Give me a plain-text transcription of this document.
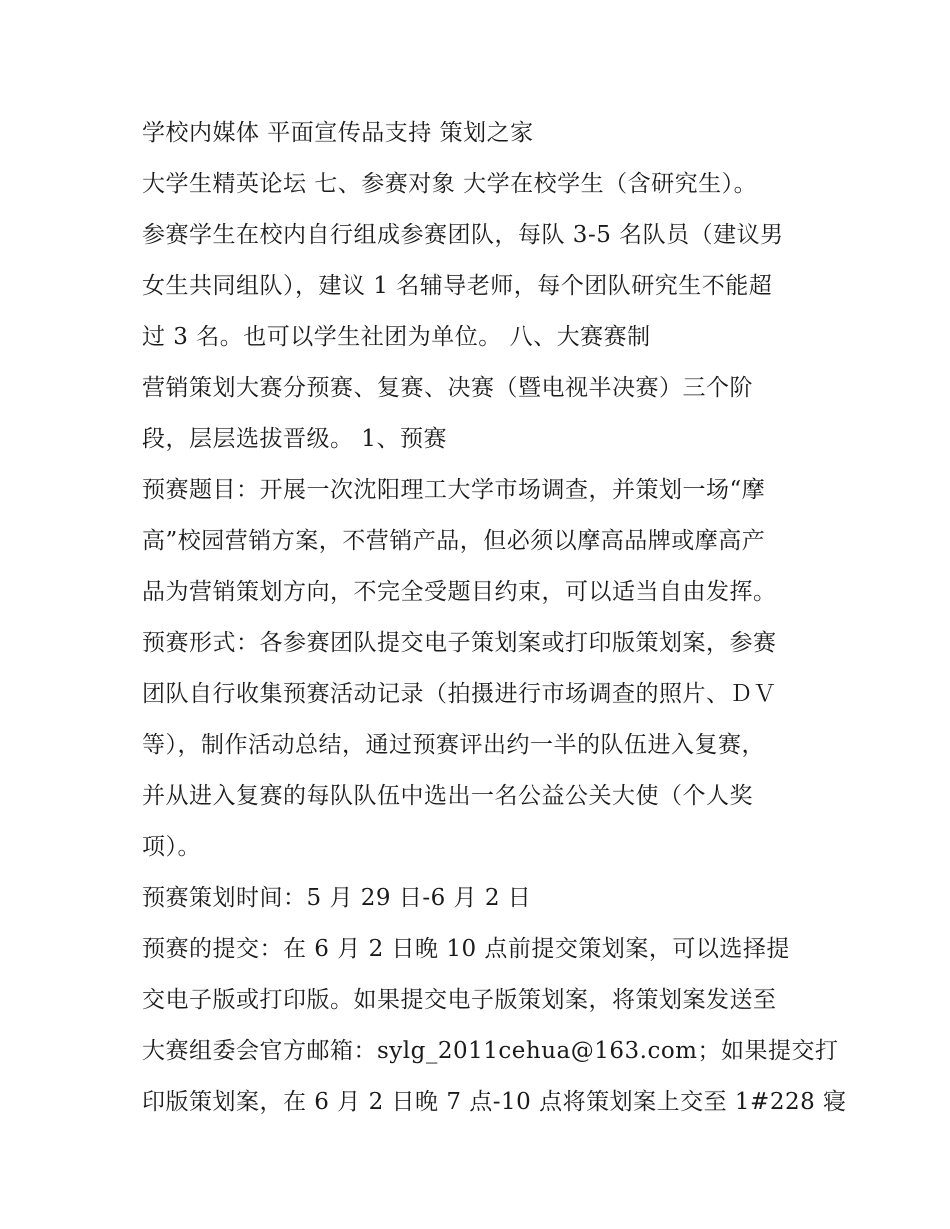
学校内媒体 平面宣传品支持 策划之家
大学生精英论坛 七、参赛对象 大学在校学生（含研究生）。
参赛学生在校内自行组成参赛团队，每队 3-5 名队员（建议男
女生共同组队），建议 1 名辅导老师，每个团队研究生不能超
过 3 名。也可以学生社团为单位。 八、大赛赛制
营销策划大赛分预赛、复赛、决赛（暨电视半决赛）三个阶
段，层层选拔晋级。 1、预赛
预赛题目：开展一次沈阳理工大学市场调查，并策划一场“摩
高”校园营销方案，不营销产品，但必须以摩高品牌或摩高产
品为营销策划方向，不完全受题目约束，可以适当自由发挥。
预赛形式：各参赛团队提交电子策划案或打印版策划案，参赛
团队自行收集预赛活动记录（拍摄进行市场调查的照片、ＤＶ
等），制作活动总结，通过预赛评出约一半的队伍进入复赛，
并从进入复赛的每队队伍中选出一名公益公关大使（个人奖
项）。
预赛策划时间：5 月 29 日-6 月 2 日
预赛的提交：在 6 月 2 日晚 10 点前提交策划案，可以选择提
交电子版或打印版。如果提交电子版策划案，将策划案发送至
大赛组委会官方邮箱：sylg_2011cehua@163.com；如果提交打
印版策划案，在 6 月 2 日晚 7 点-10 点将策划案上交至 1#228 寝
